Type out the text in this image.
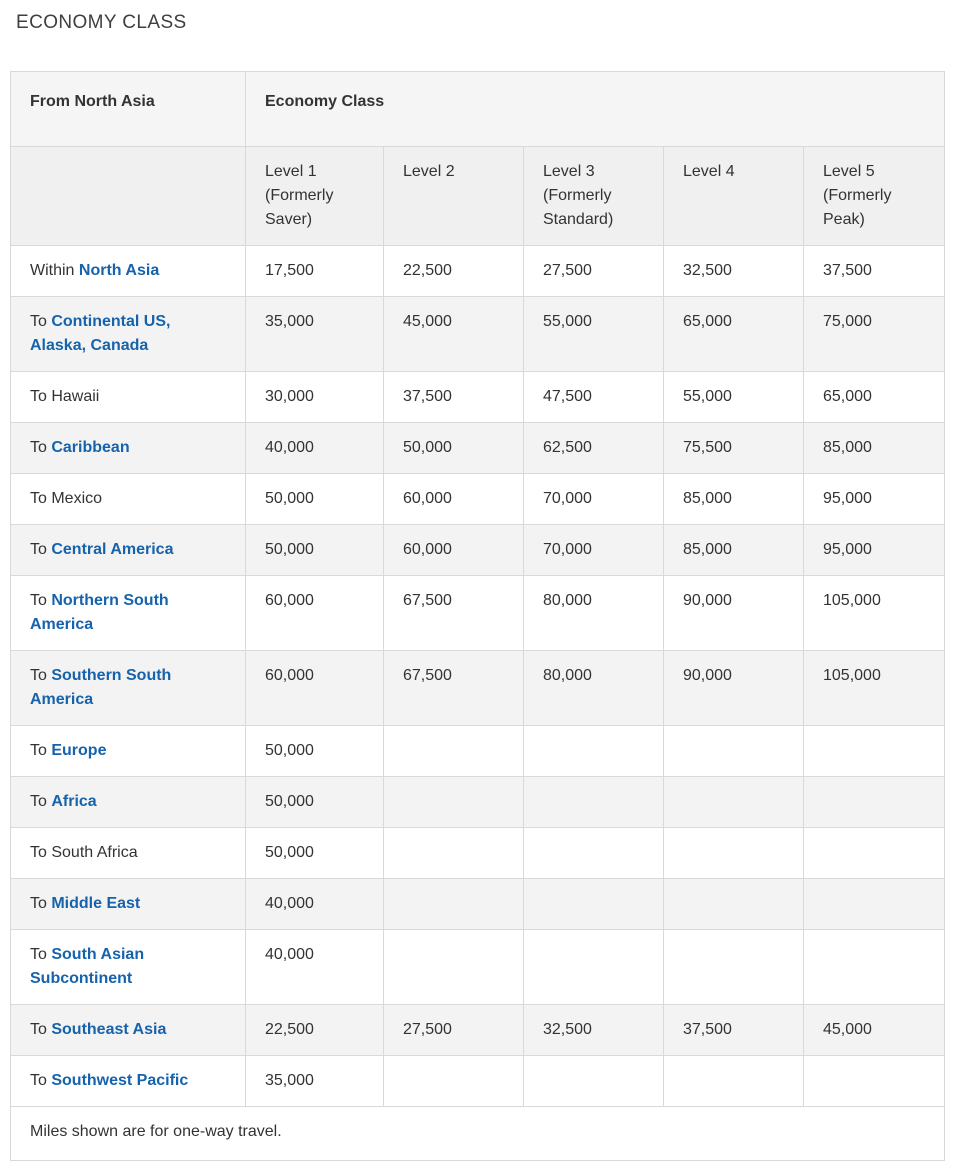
ECONOMY CLASS
From North Asia	Economy Class				
	Level 1 (Formerly Saver)	Level 2	Level 3 (Formerly Standard)	Level 4	Level 5 (Formerly Peak)
Within North Asia	17,500	22,500	27,500	32,500	37,500
To Continental US, Alaska, Canada	35,000	45,000	55,000	65,000	75,000
To Hawaii	30,000	37,500	47,500	55,000	65,000
To Caribbean	40,000	50,000	62,500	75,500	85,000
To Mexico	50,000	60,000	70,000	85,000	95,000
To Central America	50,000	60,000	70,000	85,000	95,000
To Northern South America	60,000	67,500	80,000	90,000	105,000
To Southern South America	60,000	67,500	80,000	90,000	105,000
To Europe	50,000				
To Africa	50,000				
To South Africa	50,000				
To Middle East	40,000				
To South Asian Subcontinent	40,000				
To Southeast Asia	22,500	27,500	32,500	37,500	45,000
To Southwest Pacific	35,000				
Miles shown are for one-way travel.					
